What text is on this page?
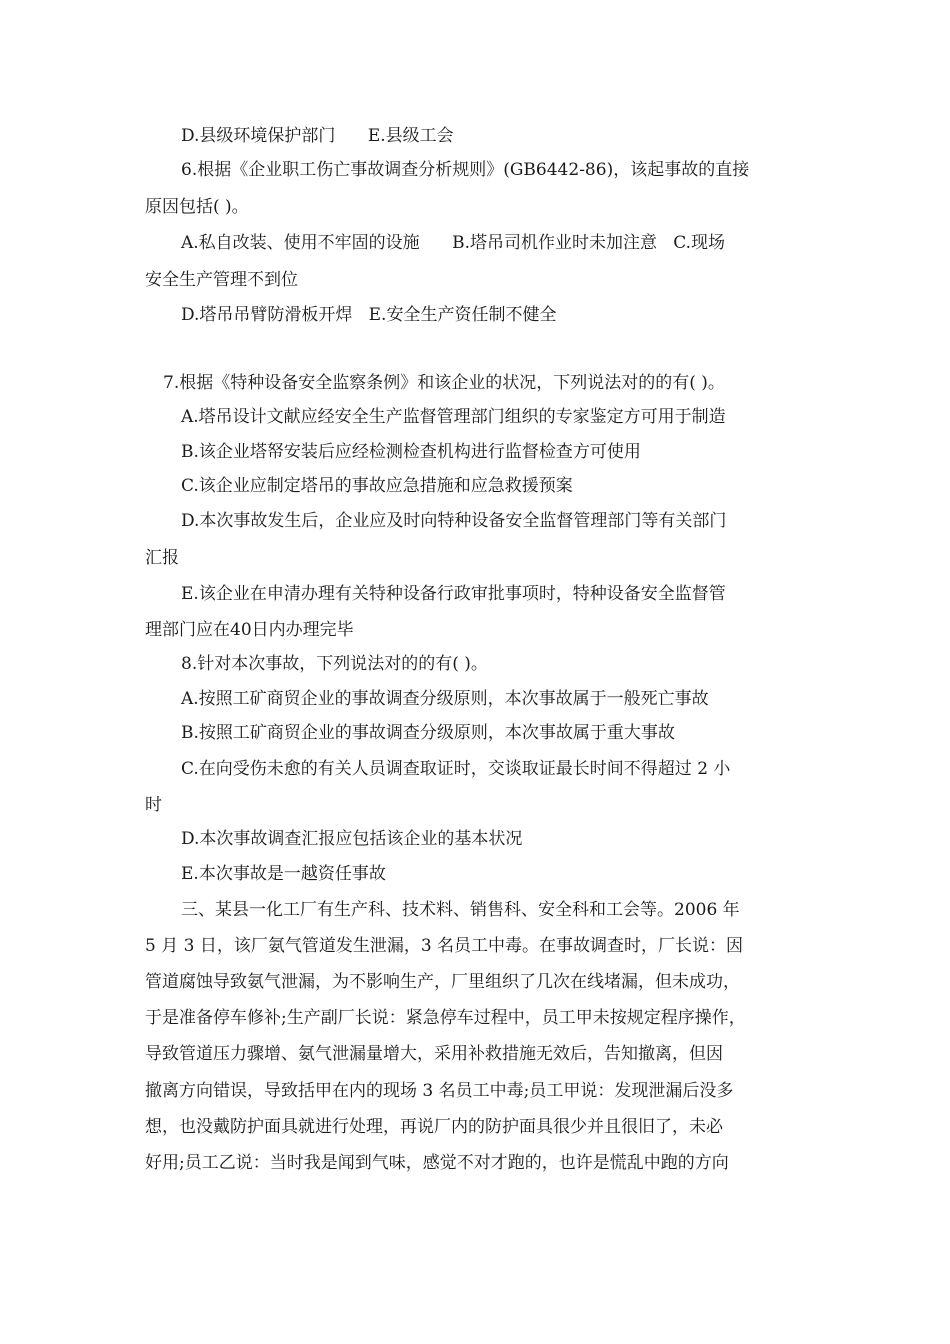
D.县级环境保护部门      E.县级工会
6.根据《企业职工伤亡事故调查分析规则》(GB6442-86)，该起事故的直接
原因包括( )。
A.私自改装、使用不牢固的设施      B.塔吊司机作业时未加注意   C.现场
安全生产管理不到位
D.塔吊吊臂防滑板开焊   E.安全生产资任制不健全
7.根据《特种设备安全监察条例》和该企业的状况，下列说法对的的有( )。
A.塔吊设计文献应经安全生产监督管理部门组织的专家鉴定方可用于制造
B.该企业塔帑安装后应经检测检查机构进行监督检查方可使用
C.该企业应制定塔吊的事故应急措施和应急救援预案
D.本次事故发生后，企业应及时向特种设备安全监督管理部门等有关部门
汇报
E.该企业在申清办理有关特种设备行政审批事项时，特种设备安全监督管
理部门应在40日内办理完毕
8.针对本次事故，下列说法对的的有( )。
A.按照工矿商贸企业的事故调查分级原则，本次事故属于一般死亡事故
B.按照工矿商贸企业的事故调查分级原则，本次事故属于重大事故
C.在向受伤未愈的有关人员调查取证时，交谈取证最长时间不得超过 2 小
时
D.本次事故调查汇报应包括该企业的基本状况
E.本次事故是一越资任事故
三、某县一化工厂有生产科、技术料、销售科、安全科和工会等。2006 年
5 月 3 日，该厂氨气管道发生泄漏，3 名员工中毒。在事故调查时，厂长说：因
管道腐蚀导致氨气泄漏，为不影响生产，厂里组织了几次在线堵漏，但未成功，
于是准备停车修补;生产副厂长说：紧急停车过程中，员工甲未按规定程序操作，
导致管道压力骤增、氨气泄漏量增大，采用补救措施无效后，告知撤离，但因
撤离方向错误，导致括甲在内的现场 3 名员工中毒;员工甲说：发现泄漏后没多
想，也没戴防护面具就进行处理，再说厂内的防护面具很少并且很旧了，未必
好用;员工乙说：当时我是闻到气味，感觉不对才跑的，也许是慌乱中跑的方向
